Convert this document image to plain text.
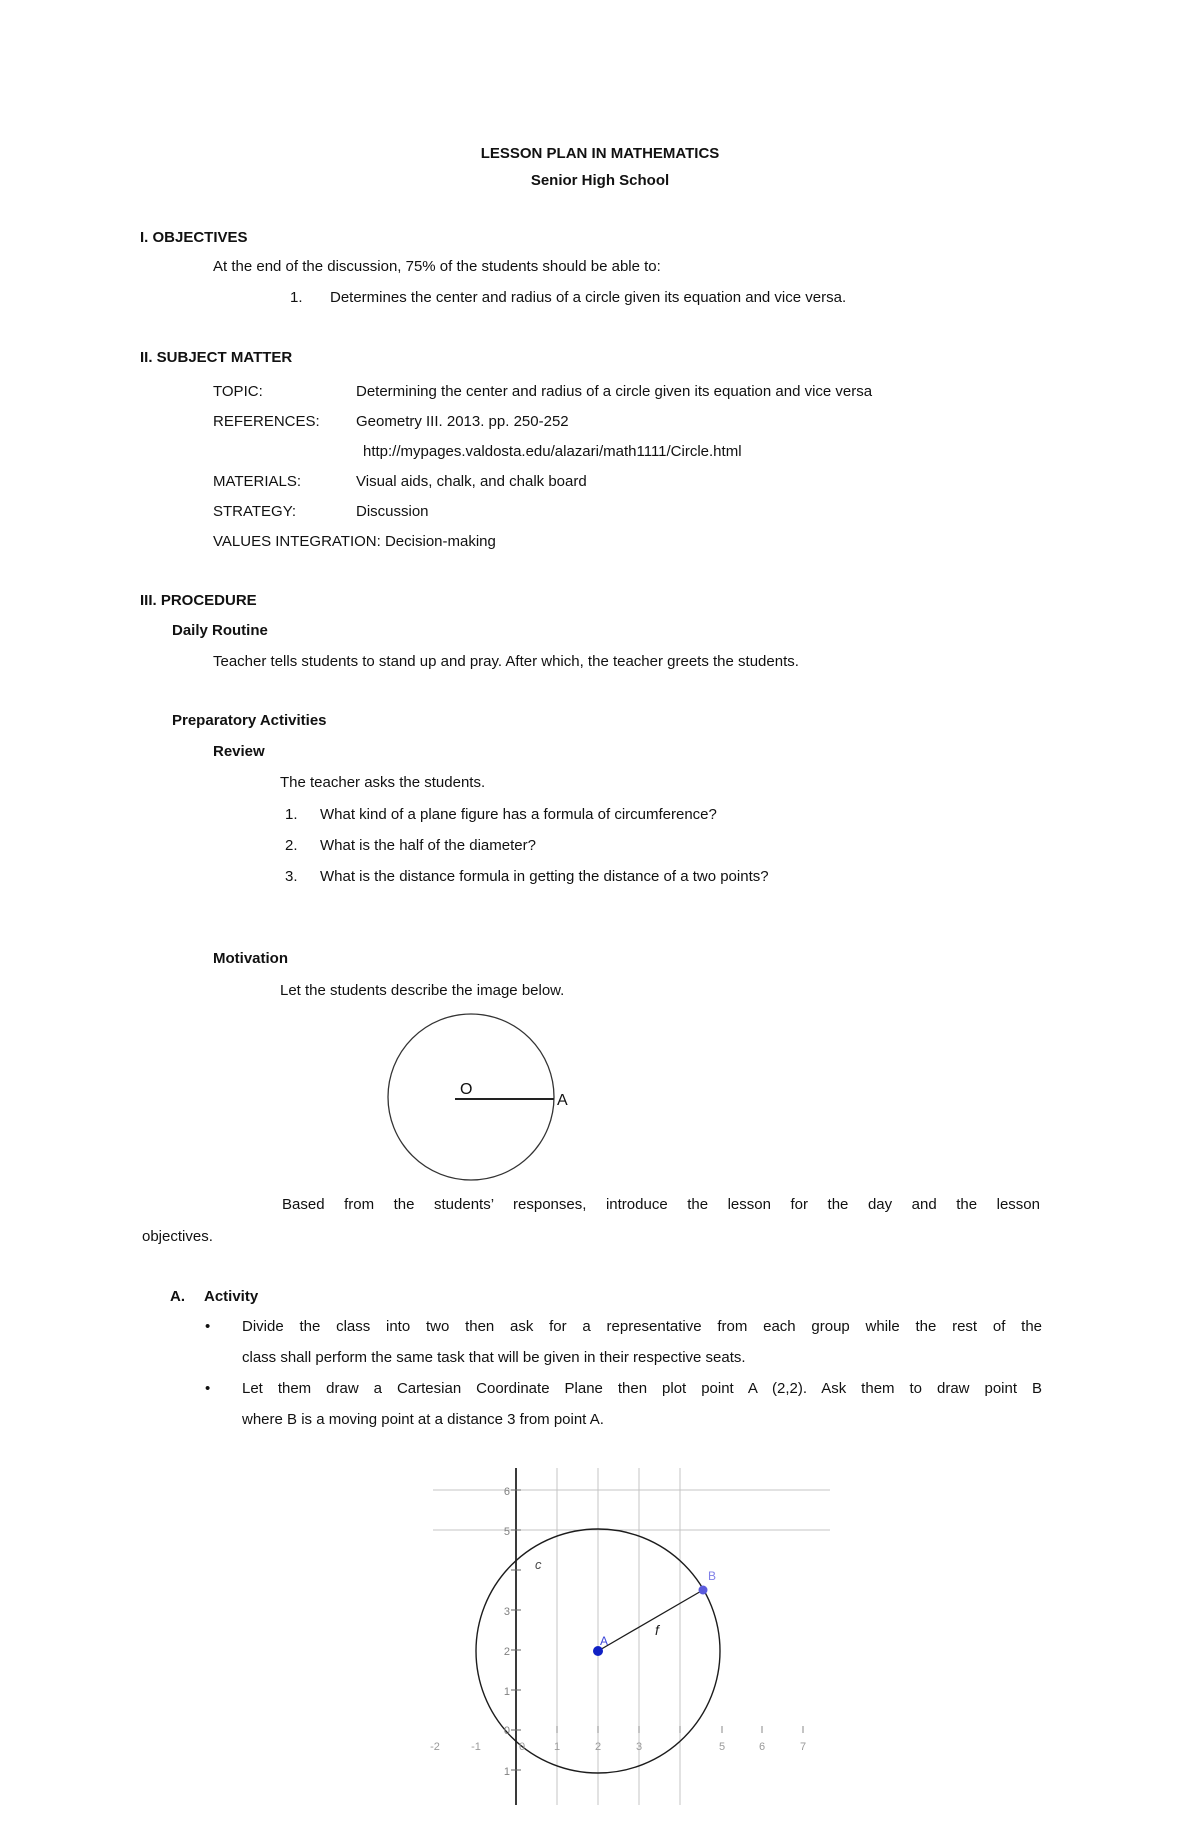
LESSON PLAN IN MATHEMATICS
Senior High School
I. OBJECTIVES
At the end of the discussion, 75% of the students should be able to:
1. Determines the center and radius of a circle given its equation and vice versa.
II. SUBJECT MATTER
TOPIC:	Determining the center and radius of a circle given its equation and vice versa
REFERENCES: Geometry III. 2013. pp. 250-252
http://mypages.valdosta.edu/alazari/math1111/Circle.html
MATERIALS:	Visual aids, chalk, and chalk board
STRATEGY:	Discussion
VALUES INTEGRATION: Decision-making
III. PROCEDURE
Daily Routine
Teacher tells students to stand up and pray. After which, the teacher greets the students.
Preparatory Activities
Review
The teacher asks the students.
1. What kind of a plane figure has a formula of circumference?
2. What is the half of the diameter?
3. What is the distance formula in getting the distance of a two points?
Motivation
Let the students describe the image below.
O
A
Based from the students’ responses, introduce the lesson for the day and the lesson
objectives.
A. Activity
• Divide the class into two then ask for a representative from each group while the rest of the
class shall perform the same task that will be given in their respective seats.
• Let them draw a Cartesian Coordinate Plane then plot point A (2,2). Ask them to draw point B
where B is a moving point at a distance 3 from point A.
A
B
c
f
6
5
3
2
1
0
1
-2	-1	0	1	2	3	5	6	7
